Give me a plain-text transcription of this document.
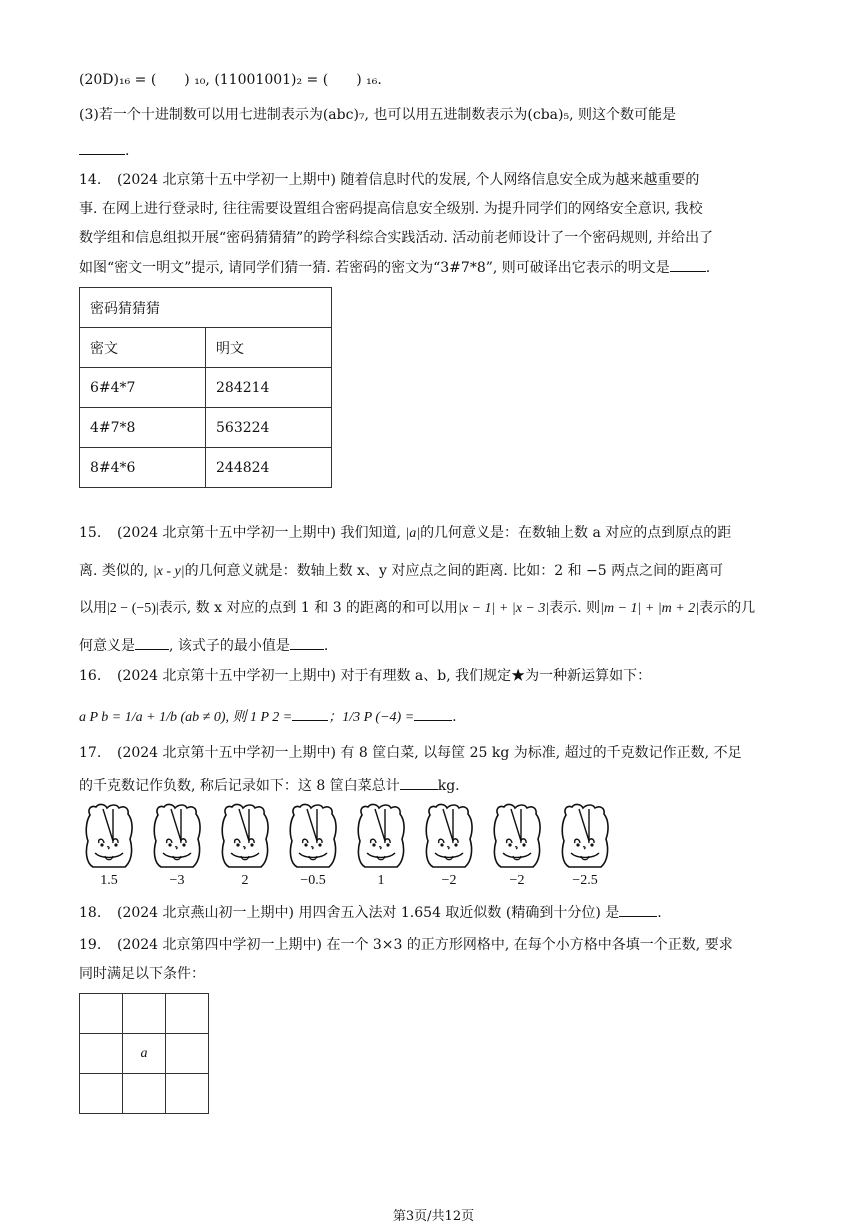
(20D)₁₆ = (　　) ₁₀, (11001001)₂ = (　　) ₁₆.
(3)若一个十进制数可以用七进制表示为(abc)₇, 也可以用五进制数表示为(cba)₅, 则这个数可能是
.
14. (2024 北京第十五中学初一上期中) 随着信息时代的发展, 个人网络信息安全成为越来越重要的
事. 在网上进行登录时, 往往需要设置组合密码提高信息安全级别. 为提升同学们的网络安全意识, 我校
数学组和信息组拟开展“密码猜猜猜”的跨学科综合实践活动. 活动前老师设计了一个密码规则, 并给出了
如图“密文一明文”提示, 请同学们猜一猜. 若密码的密文为“3#7*8”, 则可破译出它表示的明文是	.
密码猜猜猜	
密文	明文
6#4*7	284214
4#7*8	563224
8#4*6	244824
15. (2024 北京第十五中学初一上期中) 我们知道, |a|的几何意义是：在数轴上数 a 对应的点到原点的距
离. 类似的, |x - y|的几何意义就是：数轴上数 x、y 对应点之间的距离. 比如：2 和 −5 两点之间的距离可
以用|2 − (−5)|表示, 数 x 对应的点到 1 和 3 的距离的和可以用|x − 1| + |x − 3|表示. 则|m − 1| + |m + 2|表示的几
何意义是 , 该式子的最小值是 .
16. (2024 北京第十五中学初一上期中) 对于有理数 a、b, 我们规定★为一种新运算如下：
a P b = 1/a + 1/b (ab ≠ 0), 则 1 P 2 =	；1/3 P (−4) =	.
17. (2024 北京第十五中学初一上期中) 有 8 筐白菜, 以每筐 25 kg 为标准, 超过的千克数记作正数, 不足
的千克数记作负数, 称后记录如下：这 8 筐白菜总计	kg.
1.5	−3	2	−0.5	1	−2	−2	−2.5
18. (2024 北京燕山初一上期中) 用四舍五入法对 1.654 取近似数 (精确到十分位) 是	.
19. (2024 北京第四中学初一上期中) 在一个 3×3 的正方形网格中, 在每个小方格中各填一个正数, 要求
同时满足以下条件：

	a	

第3页/共12页
